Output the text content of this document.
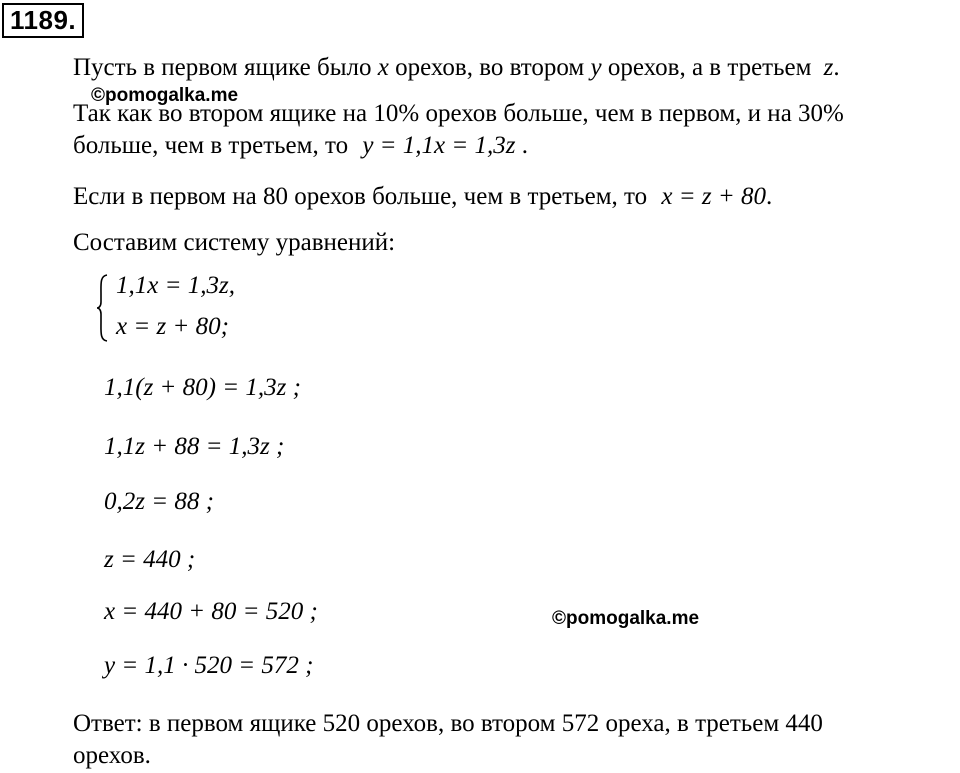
1189.
Пусть в первом ящике было x орехов, во втором y орехов, а в третьем z.
©pomogalka.me
Так как во втором ящике на 10% орехов больше, чем в первом, и на 30%
больше, чем в третьем, то y = 1,1x = 1,3z .
Если в первом на 80 орехов больше, чем в третьем, то x = z + 80.
Составим систему уравнений:
1,1x = 1,3z,
x = z + 80;
1,1(z + 80) = 1,3z ;
1,1z + 88 = 1,3z ;
0,2z = 88 ;
z = 440 ;
x = 440 + 80 = 520 ;
y = 1,1 · 520 = 572 ;
©pomogalka.me
Ответ: в первом ящике 520 орехов, во втором 572 ореха, в третьем 440
орехов.
